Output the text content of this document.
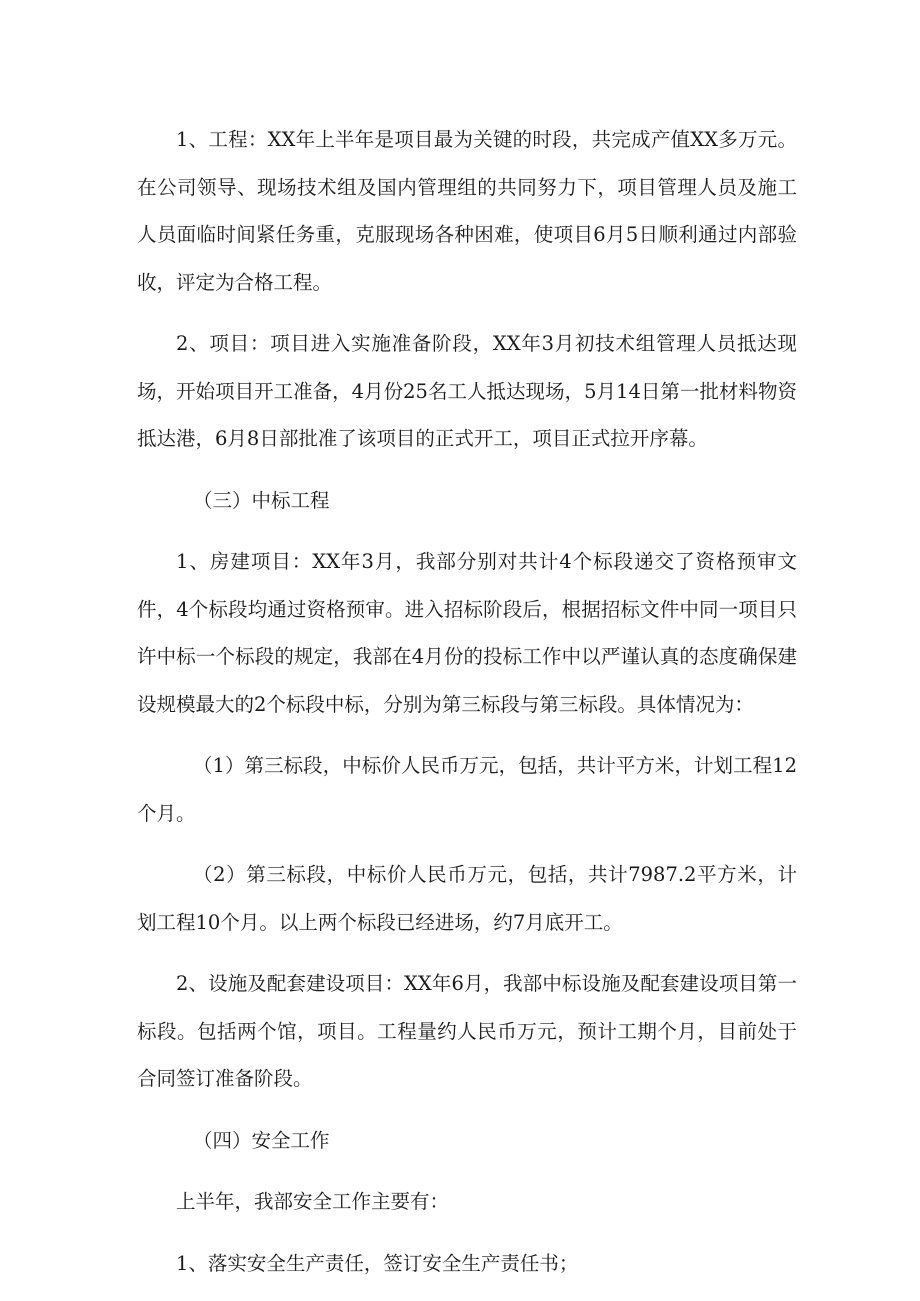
1、工程：XX年上半年是项目最为关键的时段，共完成产值XX多万元。在公司领导、现场技术组及国内管理组的共同努力下，项目管理人员及施工人员面临时间紧任务重，克服现场各种困难，使项目6月5日顺利通过内部验收，评定为合格工程。

2、项目：项目进入实施准备阶段，XX年3月初技术组管理人员抵达现场，开始项目开工准备，4月份25名工人抵达现场，5月14日第一批材料物资抵达港，6月8日部批准了该项目的正式开工，项目正式拉开序幕。

（三）中标工程

1、房建项目：XX年3月，我部分别对共计4个标段递交了资格预审文件，4个标段均通过资格预审。进入招标阶段后，根据招标文件中同一项目只许中标一个标段的规定，我部在4月份的投标工作中以严谨认真的态度确保建设规模最大的2个标段中标，分别为第三标段与第三标段。具体情况为：

（1）第三标段，中标价人民币万元，包括，共计平方米，计划工程12个月。

（2）第三标段，中标价人民币万元，包括，共计7987.2平方米，计划工程10个月。以上两个标段已经进场，约7月底开工。

2、设施及配套建设项目：XX年6月，我部中标设施及配套建设项目第一标段。包括两个馆，项目。工程量约人民币万元，预计工期个月，目前处于合同签订准备阶段。

（四）安全工作

上半年，我部安全工作主要有：

1、落实安全生产责任，签订安全生产责任书；
